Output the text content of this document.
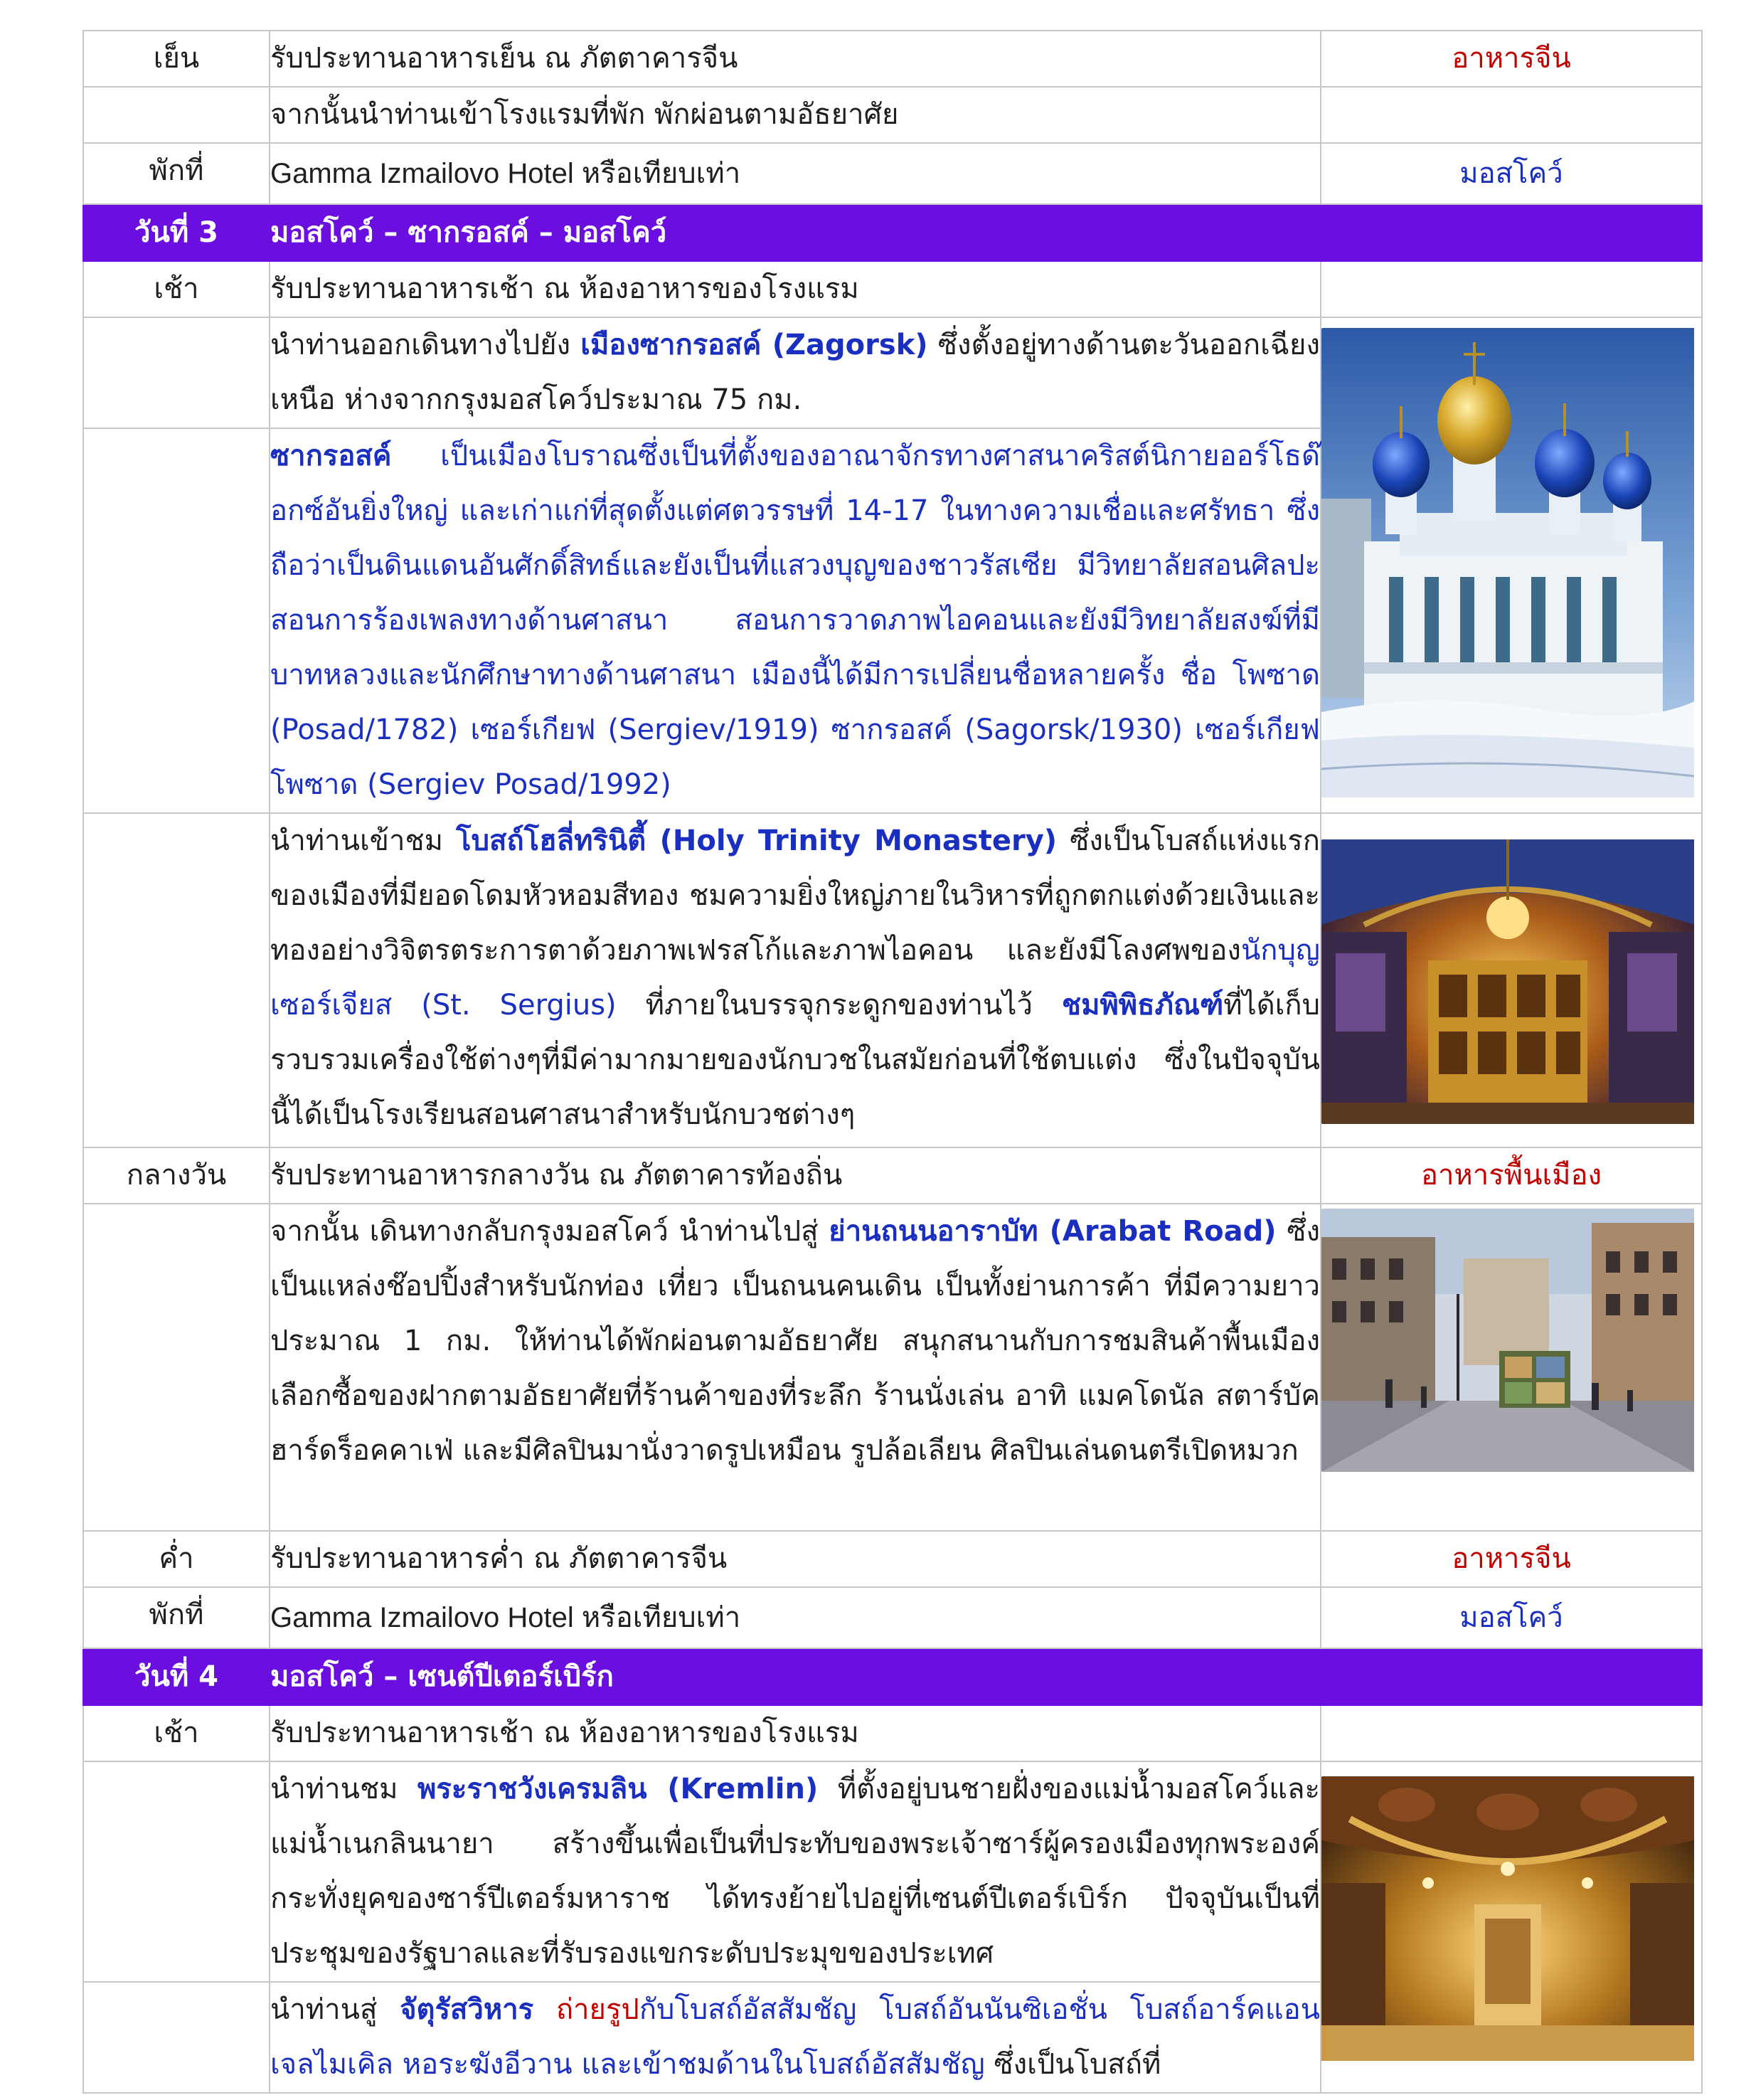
เย็น	รับประทานอาหารเย็น ณ ภัตตาคารจีน	อาหารจีน
	จากนั้นนำท่านเข้าโรงแรมที่พัก พักผ่อนตามอัธยาศัย	
พักที่	Gamma Izmailovo Hotel หรือเทียบเท่า	มอสโคว์
วันที่ 3	มอสโคว์ – ซากรอสค์ – มอสโคว์	
เช้า	รับประทานอาหารเช้า ณ ห้องอาหารของโรงแรม	
	นำท่านออกเดินทางไปยัง เมืองซากรอสค์ (Zagorsk) ซึ่งตั้งอยู่ทางด้านตะวันออกเฉียง เหนือ ห่างจากกรุงมอสโคว์ประมาณ 75 กม.	

	ซากรอสค์ เป็นเมืองโบราณซึ่งเป็นที่ตั้งของอาณาจักรทางศาสนาคริสต์นิกายออร์โธด๊อกซ์อันยิ่งใหญ่ และเก่าแก่ที่สุดตั้งแต่ศตวรรษที่ 14-17 ในทางความเชื่อและศรัทธา ซึ่งถือว่าเป็นดินแดนอันศักดิ์สิทธ์และยังเป็นที่แสวงบุญของชาวรัสเซีย มีวิทยาลัยสอนศิลปะ สอนการร้องเพลงทางด้านศาสนา สอนการวาดภาพไอคอนและยังมีวิทยาลัยสงฆ์ที่มีบาทหลวงและนักศึกษาทางด้านศาสนา เมืองนี้ได้มีการเปลี่ยนชื่อหลายครั้ง ชื่อ โพซาด (Posad/1782) เซอร์เกียฟ (Sergiev/1919) ซากรอสค์ (Sagorsk/1930) เซอร์เกียฟ โพซาด (Sergiev Posad/1992)	
	นำท่านเข้าชม โบสถ์โฮลี่ทรินิตี้ (Holy Trinity Monastery) ซึ่งเป็นโบสถ์แห่งแรกของเมืองที่มียอดโดมหัวหอมสีทอง ชมความยิ่งใหญ่ภายในวิหารที่ถูกตกแต่งด้วยเงินและทองอย่างวิจิตรตระการตาด้วยภาพเฟรสโก้และภาพไอคอน และยังมีโลงศพของนักบุญเซอร์เจียส (St. Sergius) ที่ภายในบรรจุกระดูกของท่านไว้ ชมพิพิธภัณฑ์ที่ได้เก็บรวบรวมเครื่องใช้ต่างๆที่มีค่ามากมายของนักบวชในสมัยก่อนที่ใช้ตบแต่ง ซึ่งในปัจจุบันนี้ได้เป็นโรงเรียนสอนศาสนาสำหรับนักบวชต่างๆ	

กลางวัน	รับประทานอาหารกลางวัน ณ ภัตตาคารท้องถิ่น	อาหารพื้นเมือง
	จากนั้น เดินทางกลับกรุงมอสโคว์ นำท่านไปสู่ ย่านถนนอาราบัท (Arabat Road) ซึ่งเป็นแหล่งช๊อปปิ้งสำหรับนักท่อง เที่ยว เป็นถนนคนเดิน เป็นทั้งย่านการค้า ที่มีความยาวประมาณ 1 กม. ให้ท่านได้พักผ่อนตามอัธยาศัย สนุกสนานกับการชมสินค้าพื้นเมือง เลือกซื้อของฝากตามอัธยาศัยที่ร้านค้าของที่ระลึก ร้านนั่งเล่น อาทิ แมคโดนัล สตาร์บัค ฮาร์ดร็อคคาเฟ่ และมีศิลปินมานั่งวาดรูปเหมือน รูปล้อเลียน ศิลปินเล่นดนตรีเปิดหมวก	

ค่ำ	รับประทานอาหารค่ำ ณ ภัตตาคารจีน	อาหารจีน
พักที่	Gamma Izmailovo Hotel หรือเทียบเท่า	มอสโคว์
วันที่ 4	มอสโคว์ – เซนต์ปีเตอร์เบิร์ก	
เช้า	รับประทานอาหารเช้า ณ ห้องอาหารของโรงแรม	
	นำท่านชม พระราชวังเครมลิน (Kremlin) ที่ตั้งอยู่บนชายฝั่งของแม่น้ำมอสโคว์และแม่น้ำเนกลินนายา สร้างขึ้นเพื่อเป็นที่ประทับของพระเจ้าซาร์ผู้ครองเมืองทุกพระองค์ กระทั่งยุคของซาร์ปีเตอร์มหาราช ได้ทรงย้ายไปอยู่ที่เซนต์ปีเตอร์เบิร์ก ปัจจุบันเป็นที่ประชุมของรัฐบาลและที่รับรองแขกระดับประมุขของประเทศ	

	นำท่านสู่ จัตุรัสวิหาร ถ่ายรูปกับโบสถ์อัสสัมชัญ โบสถ์อันนันซิเอชั่น โบสถ์อาร์คแอนเจลไมเคิล หอระฆังอีวาน และเข้าชมด้านในโบสถ์อัสสัมชัญ ซึ่งเป็นโบสถ์ที่	
